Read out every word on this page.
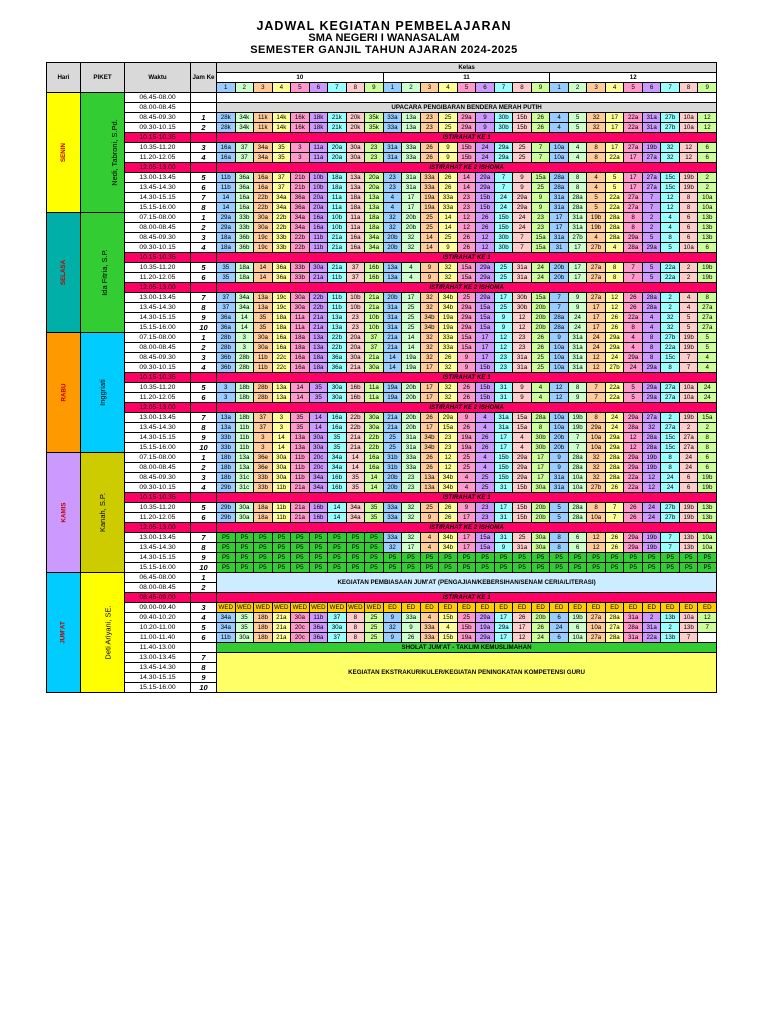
JADWAL KEGIATAN PEMBELAJARAN
SMA NEGERI I WANASALAM
SEMESTER GANJIL TAHUN AJARAN 2024-2025
Hari	PIKET	Waktu	Jam Ke	Kelas																										
				10									11									12								
				1	2	3	4	5	6	7	8	9	1	2	3	4	5	6	7	8	9	1	2	3	4	5	6	7	8	9
SENIN	Nedi, Tabroni, S.Pd.	06.45-08.00																												
		08.00-08.45		UPACARA PENGIBARAN BENDERA MERAH PUTIH																										
		08.45-09.30	1	28k	34k	11k	14k	16k	18k	21k	20k	35k	33a	13a	23	25	29a	9	30b	15b	26	4	5	32	17	22a	31a	27b	10a	12
		09.30-10.15	2	28k	34k	11k	14k	16k	18k	21k	20k	35k	33a	13a	23	25	29a	9	30b	15b	26	4	5	32	17	22a	31a	27b	10a	12
		10.15-10.35		ISTIRAHAT KE 1																										
		10.35-11.20	3	16a	37	34a	35	3	11a	20a	30a	23	31a	33a	26	9	15b	24	29a	25	7	10a	4	8	17	27a	19b	32	12	6
		11.20-12.05	4	16a	37	34a	35	3	11a	20a	30a	23	31a	33a	26	9	15b	24	29a	25	7	10a	4	8	22a	17	27a	32	12	6
		12.05-13.00		ISTIRAHAT KE 2 ISHOMA																										
		13.00-13.45	5	11b	36a	16a	37	21b	10b	18a	13a	20a	23	31a	33a	26	14	29a	7	9	15a	28a	8	4	5	17	27a	15c	19b	2
		13.45-14.30	6	11b	36a	16a	37	21b	10b	18a	13a	20a	23	31a	33a	26	14	29a	7	9	25	28a	8	4	5	17	27a	15c	19b	2
		14.30-15.15	7	14	16a	22b	34a	36a	20a	11a	18a	13a	4	17	19a	33a	23	15b	24	29a	9	31a	28a	5	22a	27a	7	12	8	10a
		15.15-16.00	8	14	16a	22b	34a	36a	20a	11a	18a	13a	4	17	19a	33a	23	15b	24	29a	9	31a	28a	5	22a	27a	7	12	8	10a
SELASA	Ida Fitria, S.P.	07.15-08.00	1	29a	33b	30a	22b	34a	16a	10b	11a	18a	32	20b	25	14	12	26	15b	24	23	17	31a	19b	28a	8	2	4	6	13b
		08.00-08.45	2	29a	33b	30a	22b	34a	16a	10b	11a	18a	32	20b	25	14	12	26	15b	24	23	17	31a	19b	28a	8	2	4	6	13b
		08.45-09.30	3	18a	36b	19c	33b	22b	11b	21a	16a	34a	20b	32	14	25	26	12	30b	7	15a	31a	27b	4	28a	29a	5	8	6	13b
		09.30-10.15	4	18a	36b	19c	33b	22b	11b	21a	16a	34a	20b	32	14	9	26	12	30b	7	15a	31	17	27b	4	28a	29a	5	10a	6
		10.15-10.35		ISTIRAHAT KE 1																										
		10.35-11.20	5	35	18a	14	36a	33b	30a	21a	37	16b	13a	4	9	32	15a	29a	25	31a	24	20b	17	27a	8	7	5	22a	2	19b
		11.20-12.05	6	35	18a	14	36a	33b	21a	11b	37	16b	13a	4	9	32	15a	29a	25	31a	24	20b	17	27a	8	7	5	22a	2	19b
		12.05-13.00		ISTIRAHAT KE 2 ISHOMA																										
		13.00-13.45	7	37	34a	13a	19c	30a	22b	11b	10b	21a	20b	17	32	34b	25	29a	17	30b	15a	7	9	27a	12	26	28a	2	4	8
		13.45-14.30	8	37	34a	13a	19c	30a	22b	11b	10b	21a	31a	25	32	34b	29a	15a	25	30b	20b	7	9	17	12	26	28a	2	4	27a
		14.30-15.15	9	36a	14	35	18a	11a	21a	13a	23	10b	31a	25	34b	19a	29a	15a	9	12	20b	28a	24	17	26	22a	4	32	5	27a
		15.15-16.00	10	36a	14	35	18a	11a	21a	13a	23	10b	31a	25	34b	19a	29a	15a	9	12	20b	28a	24	17	26	8	4	32	5	27a
RABU	Inggriati	07.15-08.00	1	28b	3	30a	16a	18a	13a	22b	20a	37	21a	14	32	33a	15a	17	12	23	26	9	31a	24	29a	4	8	27b	19b	5
		08.00-08.45	2	28b	3	30a	16a	18a	13a	22b	20a	37	21a	14	32	33a	15a	17	12	23	26	10a	31a	24	29a	4	8	22a	19b	5
		08.45-09.30	3	36b	28b	11b	22c	16a	18a	36a	30a	21a	14	19a	32	26	9	17	23	31a	25	10a	31a	12	24	29a	8	15c	7	4
		09.30-10.15	4	36b	28b	11b	22c	16a	18a	36a	21a	30a	14	19a	17	32	9	15b	23	31a	25	10a	31a	12	27b	24	29a	8	7	4
		10.15-10.35		ISTIRAHAT KE 1																										
		10.35-11.20	5	3	18b	28b	13a	14	35	30a	16b	11a	19a	20b	17	32	26	15b	31	9	4	12	8	7	22a	5	29a	27a	10a	24
		11.20-12.05	6	3	18b	28b	13a	14	35	30a	16b	11a	19a	20b	17	32	26	15b	31	9	4	12	9	7	22a	5	29a	27a	10a	24
		12.05-13.00		ISTIRAHAT KE 2 ISHOMA																										
		13.00-13.45	7	13a	18b	37	3	35	14	16a	22b	30a	21a	20b	26	29a	9	4	31a	15a	28a	10a	19b	8	24	29a	27a	2	19b	15a
		13.45-14.30	8	13a	11b	37	3	35	14	16a	22b	30a	21a	20b	17	15a	26	4	31a	15a	8	10a	19b	29a	24	28a	32	27a	2	2
		14.30-15.15	9	33b	11b	3	14	13a	30a	35	21a	22b	25	31a	34b	23	19a	26	17	4	30b	20b	7	10a	29a	12	28a	15c	27a	8
		15.15-16.00	10	33b	11b	3	14	13a	30a	35	21a	22b	25	31a	34b	23	19a	26	17	4	30b	20b	7	10a	29a	12	28a	15c	27a	8
KAMIS	Kanah, S.P.	07.15-08.00	1	18b	13a	36e	30a	11b	20c	34a	14	16a	31b	33a	26	12	25	4	15b	29a	17	9	28a	32	28a	29a	19b	8	24	6
		08.00-08.45	2	18b	13a	36e	30a	11b	20c	34a	14	16a	31b	33a	26	12	25	4	15b	29a	17	9	28a	32	28a	29a	19b	8	24	6
		08.45-09.30	3	18b	31c	33b	30a	11b	34a	16b	35	14	20b	23	13a	34b	4	25	15b	29a	17	31a	10a	32	28a	22a	12	24	6	19b
		09.30-10.15	4	29b	31c	33b	11b	21a	34a	16b	35	14	20b	23	13a	34b	4	25	31	15b	30a	31a	10a	27b	26	22a	12	24	6	19b
		10.15-10.35		ISTIRAHAT KE 1																										
		10.35-11.20	5	29b	30a	18a	11b	21a	16b	14	34a	35	33a	32	25	26	9	23	17	15b	20b	5	28a	8	7	26	24	27b	19b	13b
		11.20-12.05	6	29b	30a	18a	11b	21a	16b	14	34a	35	33a	32	9	26	17	23	31	15b	20b	5	28a	10a	7	26	24	27b	19b	13b
		12.05-13.00		ISTIRAHAT KE 2 ISHOMA																										
		13.00-13.45	7	P5	P5	P5	P5	P5	P5	P5	P5	P5	33a	32	4	34b	17	15a	31	25	30a	8	6	12	26	29a	19b	7	13b	10a
		13.45-14.30	8	P5	P5	P5	P5	P5	P5	P5	P5	P5	32	17	4	34b	17	15a	9	31a	30a	8	6	12	26	29a	19b	7	13b	10a
		14.30-15.15	9	P5	P5	P5	P5	P5	P5	P5	P5	P5	P5	P5	P5	P5	P5	P5	P5	P5	P5	P5	P5	P5	P5	P5	P5	P5	P5	P5
		15.15-16.00	10	P5	P5	P5	P5	P5	P5	P5	P5	P5	P5	P5	P5	P5	P5	P5	P5	P5	P5	P5	P5	P5	P5	P5	P5	P5	P5	P5
JUM'AT	Deti Ariyani, SE.	06.45-08.00	1	KEGIATAN PEMBIASAAN JUM'AT (PENGAJIAN/KEBERSIHAN/SENAM CERIA/LITERASI)																										
		08.00-08.45	2																											
		08.45-09.00		ISTIRAHAT KE 1																										
		09.00-09.40	3	WED	WED	WED	WED	WED	WED	WED	WED	WED	ED	ED	ED	ED	ED	ED	ED	ED	ED	ED	ED	ED	ED	ED	ED	ED	ED	ED
		09.40-10.20	4	34a	35	18b	21a	30a	11b	37	8	25	9	33a	4	15b	25	29a	17	26	20b	6	19b	27a	28a	31a	2	13b	10a	12
		10.20-11.00	5	34a	35	18b	21a	20c	36a	30a	8	25	32	9	33a	4	15b	19a	29a	17	26	24	6	10a	27a	28a	31a	2	13b	7
		11.00-11.40	6	11b	30a	18b	21a	20c	36a	37	8	25	9	26	33a	15b	19a	29a	17	12	24	6	10a	27a	28a	31a	22a	13b	7	
		11.40-13.00		SHOLAT JUM'AT - TAKLIM KEMUSLIMAHAN																										
		13.00-13.45	7	KEGIATAN EKSTRAKURIKULER/KEGIATAN PENINGKATAN KOMPETENSI GURU																										
		13.45-14.30	8																											
		14.30-15.15	9																											
		15.15-16.00	10																											
